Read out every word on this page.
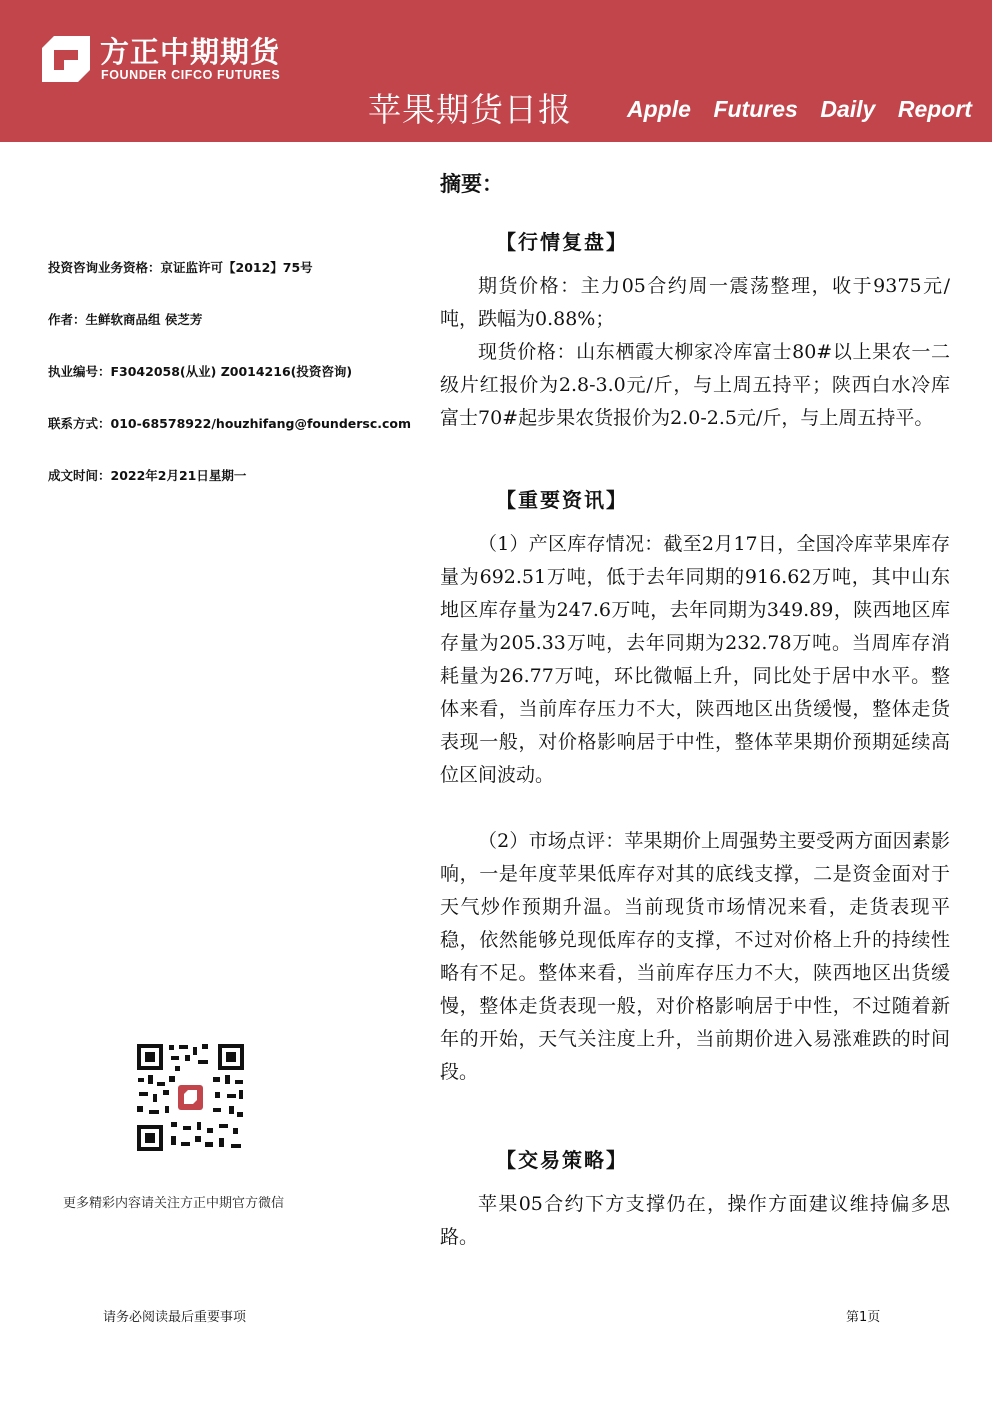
方正中期期货
FOUNDER CIFCO FUTURES
苹果期货日报 Apple Futures Daily Report
投资咨询业务资格：京证监许可【2012】75号
作者：生鲜软商品组 侯芝芳
执业编号：F3042058(从业) Z0014216(投资咨询)
联系方式：010-68578922/houzhifang@foundersc.com
成文时间：2022年2月21日星期一
更多精彩内容请关注方正中期官方微信
摘要：
【行情复盘】
期货价格：主力05合约周一震荡整理，收于9375元/吨，跌幅为0.88%；
现货价格：山东栖霞大柳家冷库富士80#以上果农一二级片红报价为2.8-3.0元/斤，与上周五持平；陕西白水冷库富士70#起步果农货报价为2.0-2.5元/斤，与上周五持平。
【重要资讯】
（1）产区库存情况：截至2月17日，全国冷库苹果库存量为692.51万吨，低于去年同期的916.62万吨，其中山东地区库存量为247.6万吨，去年同期为349.89，陕西地区库存量为205.33万吨，去年同期为232.78万吨。当周库存消耗量为26.77万吨，环比微幅上升，同比处于居中水平。整体来看，当前库存压力不大，陕西地区出货缓慢，整体走货表现一般，对价格影响居于中性，整体苹果期价预期延续高位区间波动。
（2）市场点评：苹果期价上周强势主要受两方面因素影响，一是年度苹果低库存对其的底线支撑，二是资金面对于天气炒作预期升温。当前现货市场情况来看，走货表现平稳，依然能够兑现低库存的支撑，不过对价格上升的持续性略有不足。整体来看，当前库存压力不大，陕西地区出货缓慢，整体走货表现一般，对价格影响居于中性，不过随着新年的开始，天气关注度上升，当前期价进入易涨难跌的时间段。
【交易策略】
苹果05合约下方支撑仍在，操作方面建议维持偏多思路。
请务必阅读最后重要事项	第1页
